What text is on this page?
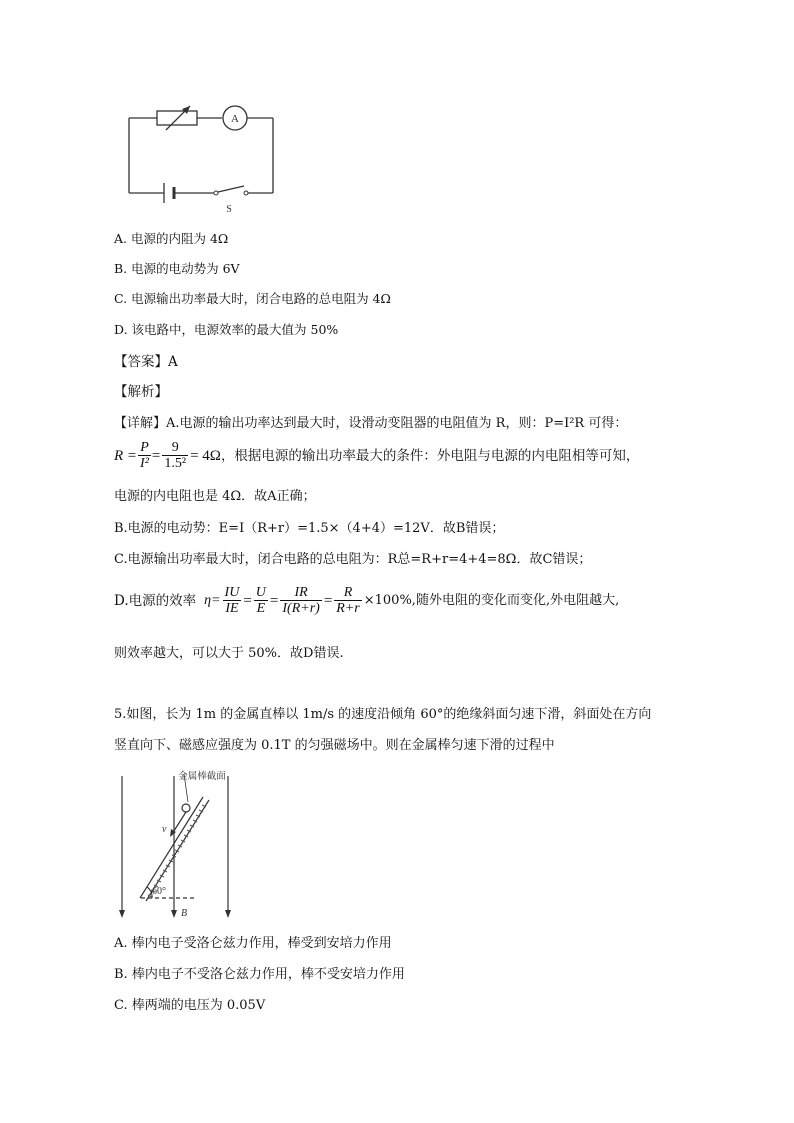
A
S
A. 电源的内阻为 4Ω
B. 电源的电动势为 6V
C. 电源输出功率最大时，闭合电路的总电阻为 4Ω
D. 该电路中，电源效率的最大值为 50%
【答案】A
【解析】
【详解】A.电源的输出功率达到最大时，设滑动变阻器的电阻值为 R，则：P=I²R 可得：
$R = \frac{P}{\text{I²}} = \frac{9}{\text{1.5²}} = 4\Omega$ ，根据电源的输出功率最大的条件：外电阻与电源的内电阻相等可知，
电源的内电阻也是 4Ω．故A正确；
B.电源的电动势：E=I（R+r）=1.5×（4+4）=12V．故B错误；
C.电源输出功率最大时，闭合电路的总电阻为：R总=R+r=4+4=8Ω．故C错误；
D.电源的效率 $\eta= \frac{IU}{IE} = \frac{U}{E} = \frac{IR}{I(R+r)} = \frac{R}{R+r} \times 100\%$,随外电阻的变化而变化,外电阻越大,
则效率越大，可以大于 50%．故D错误.
5.如图，长为 1m 的金属直棒以 1m/s 的速度沿倾角 60°的绝缘斜面匀速下滑，斜面处在方向
竖直向下、磁感应强度为 0.1T 的匀强磁场中。则在金属棒匀速下滑的过程中
金属棒截面
v
60°
B
A. 棒内电子受洛仑兹力作用，棒受到安培力作用
B. 棒内电子不受洛仑兹力作用，棒不受安培力作用
C. 棒两端的电压为 0.05V
